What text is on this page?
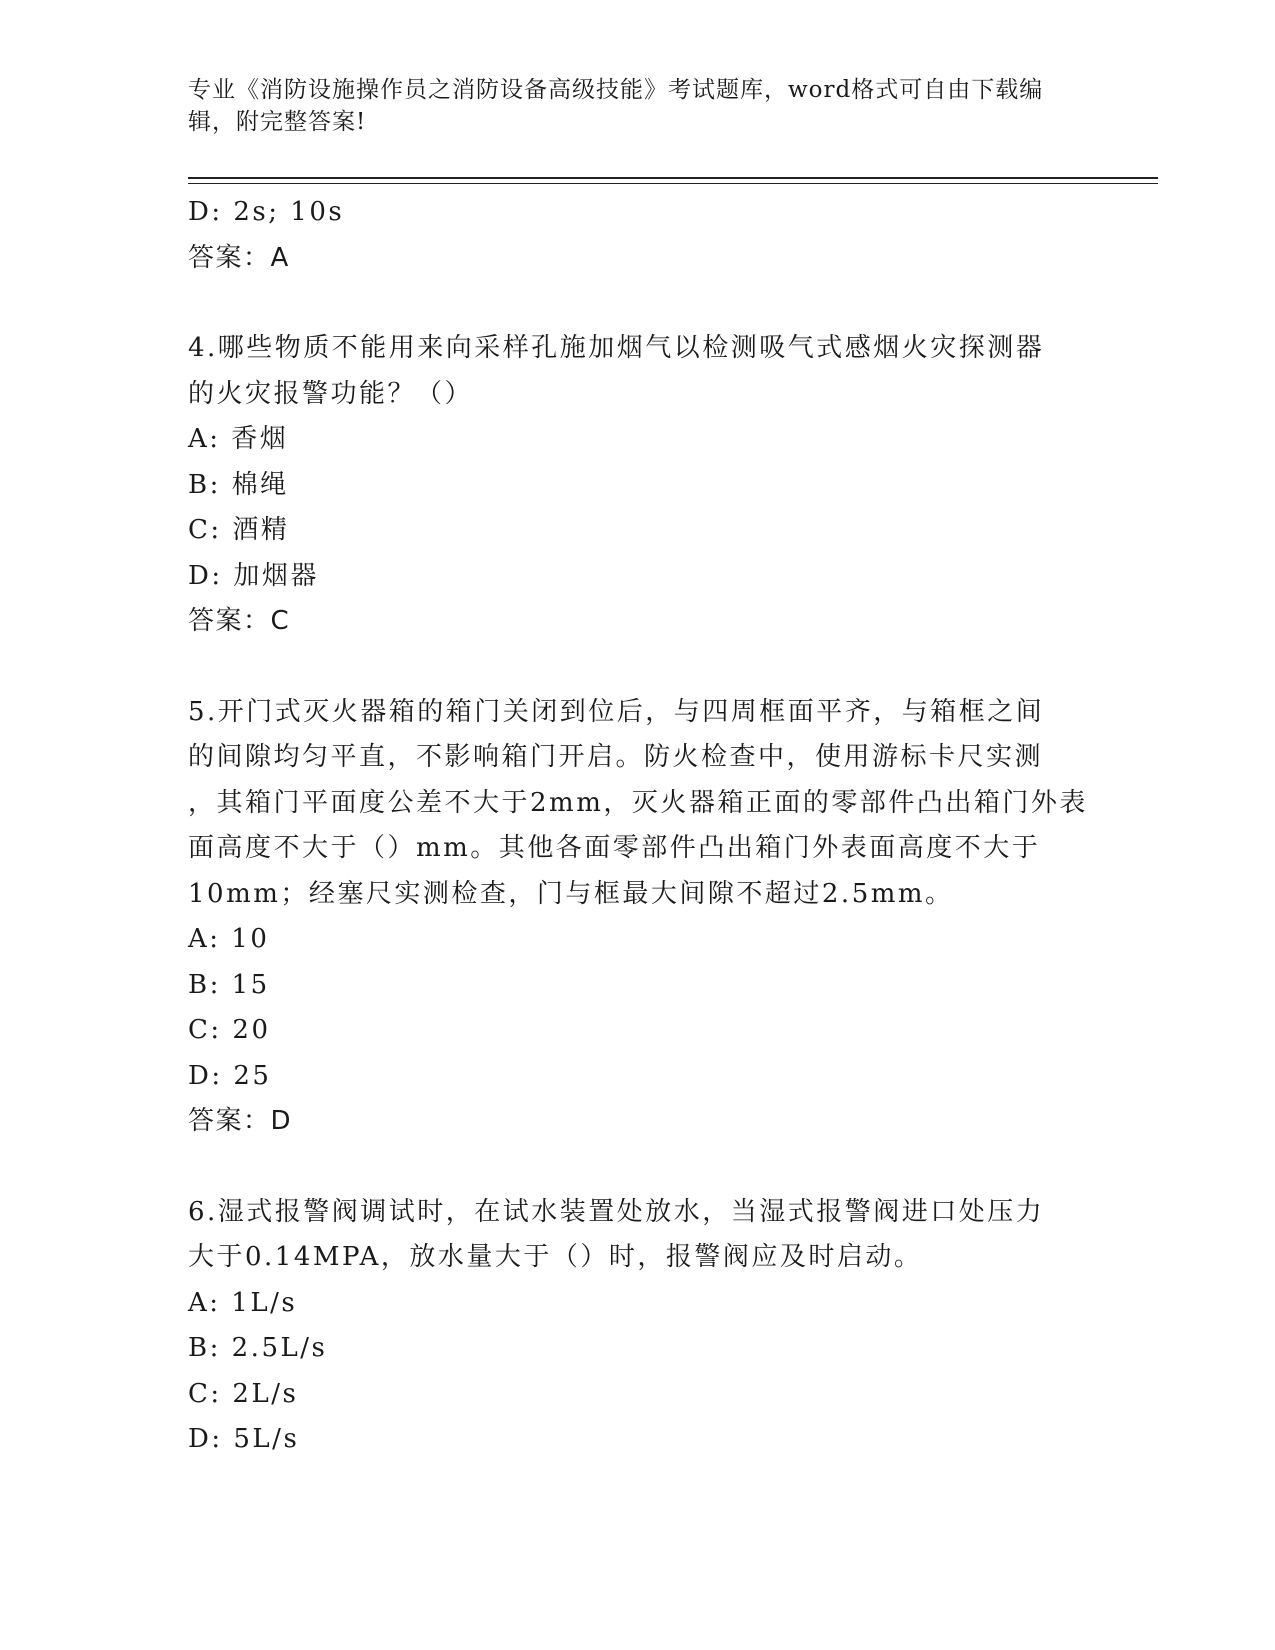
专业《消防设施操作员之消防设备高级技能》考试题库，word格式可自由下载编
辑，附完整答案!
D: 2s; 10s
答案：A
4.哪些物质不能用来向采样孔施加烟气以检测吸气式感烟火灾探测器
的火灾报警功能？（）
A: 香烟
B: 棉绳
C: 酒精
D: 加烟器
答案：C
5.开门式灭火器箱的箱门关闭到位后，与四周框面平齐，与箱框之间
的间隙均匀平直，不影响箱门开启。防火检查中，使用游标卡尺实测
，其箱门平面度公差不大于2mm，灭火器箱正面的零部件凸出箱门外表
面高度不大于（）mm。其他各面零部件凸出箱门外表面高度不大于
10mm；经塞尺实测检查，门与框最大间隙不超过2.5mm。
A: 10
B: 15
C: 20
D: 25
答案：D
6.湿式报警阀调试时，在试水装置处放水，当湿式报警阀进口处压力
大于0.14MPA，放水量大于（）时，报警阀应及时启动。
A: 1L/s
B: 2.5L/s
C: 2L/s
D: 5L/s
